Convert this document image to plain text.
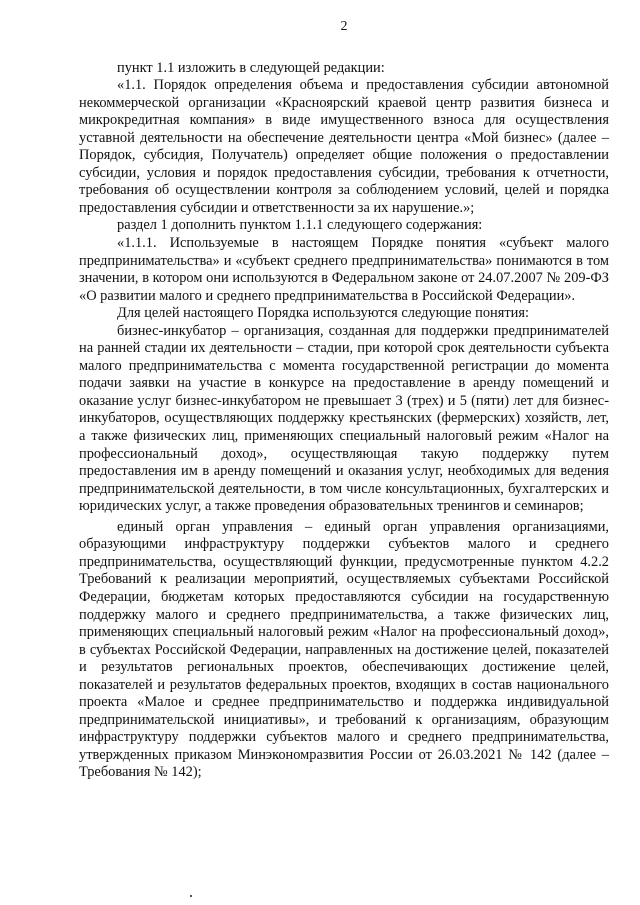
2

пункт 1.1 изложить в следующей редакции:

«1.1. Порядок определения объема и предоставления субсидии автономной некоммерческой организации «Красноярский краевой центр развития бизнеса и микрокредитная компания» в виде имущественного взноса для осуществления уставной деятельности на обеспечение деятельности центра «Мой бизнес» (далее – Порядок, субсидия, Получатель) определяет общие положения о предоставлении субсидии, условия и порядок предоставления субсидии, требования к отчетности, требования об осуществлении контроля за соблюдением условий, целей и порядка предоставления субсидии и ответственности за их нарушение.»;

раздел 1 дополнить пунктом 1.1.1 следующего содержания:

«1.1.1. Используемые в настоящем Порядке понятия «субъект малого предпринимательства» и «субъект среднего предпринимательства» понимаются в том значении, в котором они используются в Федеральном законе от 24.07.2007 № 209-ФЗ «О развитии малого и среднего предпринимательства в Российской Федерации».

Для целей настоящего Порядка используются следующие понятия:

бизнес-инкубатор – организация, созданная для поддержки предпринимателей на ранней стадии их деятельности – стадии, при которой срок деятельности субъекта малого предпринимательства с момента государственной регистрации до момента подачи заявки на участие в конкурсе на предоставление в аренду помещений и оказание услуг бизнес-инкубатором не превышает 3 (трех) и 5 (пяти) лет для бизнес-инкубаторов, осуществляющих поддержку крестьянских (фермерских) хозяйств, лет, а также физических лиц, применяющих специальный налоговый режим «Налог на профессиональный доход», осуществляющая такую поддержку путем предоставления им в аренду помещений и оказания услуг, необходимых для ведения предпринимательской деятельности, в том числе консультационных, бухгалтерских и юридических услуг, а также проведения образовательных тренингов и семинаров;

единый орган управления – единый орган управления организациями, образующими инфраструктуру поддержки субъектов малого и среднего предпринимательства, осуществляющий функции, предусмотренные пунктом 4.2.2 Требований к реализации мероприятий, осуществляемых субъектами Российской Федерации, бюджетам которых предоставляются субсидии на государственную поддержку малого и среднего предпринимательства, а также физических лиц, применяющих специальный налоговый режим «Налог на профессиональный доход», в субъектах Российской Федерации, направленных на достижение целей, показателей и результатов региональных проектов, обеспечивающих достижение целей, показателей и результатов федеральных проектов, входящих в состав национального проекта «Малое и среднее предпринимательство и поддержка индивидуальной предпринимательской инициативы», и требований к организациям, образующим инфраструктуру поддержки субъектов малого и среднего предпринимательства, утвержденных приказом Минэкономразвития России от 26.03.2021 № 142 (далее – Требования № 142);
